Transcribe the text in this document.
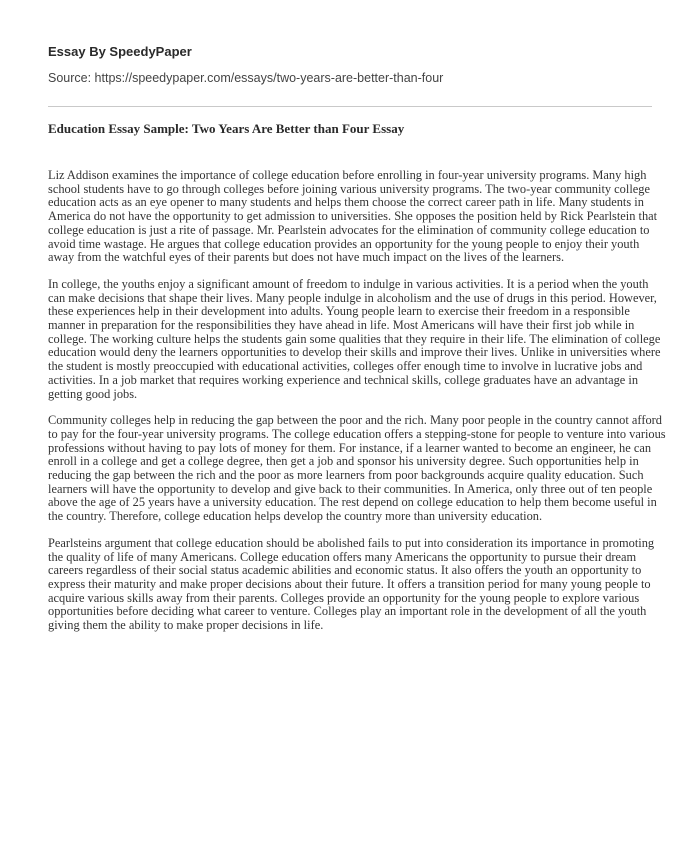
Essay By SpeedyPaper
Source: https://speedypaper.com/essays/two-years-are-better-than-four
Education Essay Sample: Two Years Are Better than Four Essay

Liz Addison examines the importance of college education before enrolling in four-year university programs. Many high school students have to go through colleges before joining various university programs. The two-year community college education acts as an eye opener to many students and helps them choose the correct career path in life. Many students in America do not have the opportunity to get admission to universities. She opposes the position held by Rick Pearlstein that college education is just a rite of passage. Mr. Pearlstein advocates for the elimination of community college education to avoid time wastage. He argues that college education provides an opportunity for the young people to enjoy their youth away from the watchful eyes of their parents but does not have much impact on the lives of the learners.

In college, the youths enjoy a significant amount of freedom to indulge in various activities. It is a period when the youth can make decisions that shape their lives. Many people indulge in alcoholism and the use of drugs in this period. However, these experiences help in their development into adults. Young people learn to exercise their freedom in a responsible manner in preparation for the responsibilities they have ahead in life. Most Americans will have their first job while in college. The working culture helps the students gain some qualities that they require in their life. The elimination of college education would deny the learners opportunities to develop their skills and improve their lives. Unlike in universities where the student is mostly preoccupied with educational activities, colleges offer enough time to involve in lucrative jobs and activities. In a job market that requires working experience and technical skills, college graduates have an advantage in getting good jobs.

Community colleges help in reducing the gap between the poor and the rich. Many poor people in the country cannot afford to pay for the four-year university programs. The college education offers a stepping-stone for people to venture into various professions without having to pay lots of money for them. For instance, if a learner wanted to become an engineer, he can enroll in a college and get a college degree, then get a job and sponsor his university degree. Such opportunities help in reducing the gap between the rich and the poor as more learners from poor backgrounds acquire quality education. Such learners will have the opportunity to develop and give back to their communities. In America, only three out of ten people above the age of 25 years have a university education. The rest depend on college education to help them become useful in the country. Therefore, college education helps develop the country more than university education.

Pearlsteins argument that college education should be abolished fails to put into consideration its importance in promoting the quality of life of many Americans. College education offers many Americans the opportunity to pursue their dream careers regardless of their social status academic abilities and economic status. It also offers the youth an opportunity to express their maturity and make proper decisions about their future. It offers a transition period for many young people to acquire various skills away from their parents. Colleges provide an opportunity for the young people to explore various opportunities before deciding what career to venture. Colleges play an important role in the development of all the youth giving them the ability to make proper decisions in life.
